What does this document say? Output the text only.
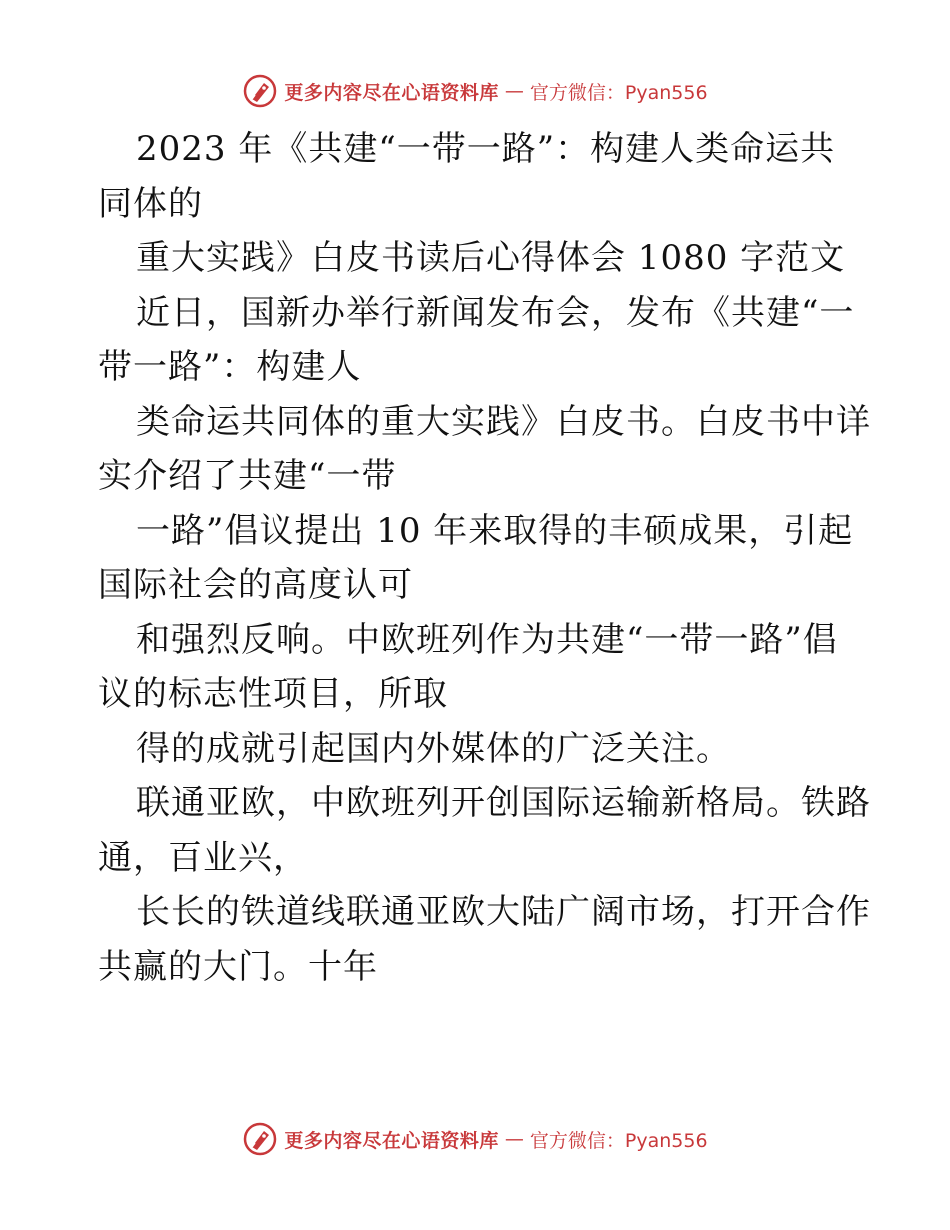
更多内容尽在心语资料库 — 官方微信：Pyan556
2023 年《共建“一带一路”：构建人类命运共
同体的
重大实践》白皮书读后心得体会 1080 字范文
近日，国新办举行新闻发布会，发布《共建“一
带一路”：构建人
类命运共同体的重大实践》白皮书。白皮书中详
实介绍了共建“一带
一路”倡议提出 10 年来取得的丰硕成果，引起
国际社会的高度认可
和强烈反响。中欧班列作为共建“一带一路”倡
议的标志性项目，所取
得的成就引起国内外媒体的广泛关注。
联通亚欧，中欧班列开创国际运输新格局。铁路
通，百业兴，
长长的铁道线联通亚欧大陆广阔市场，打开合作
共赢的大门。十年
更多内容尽在心语资料库 — 官方微信：Pyan556
